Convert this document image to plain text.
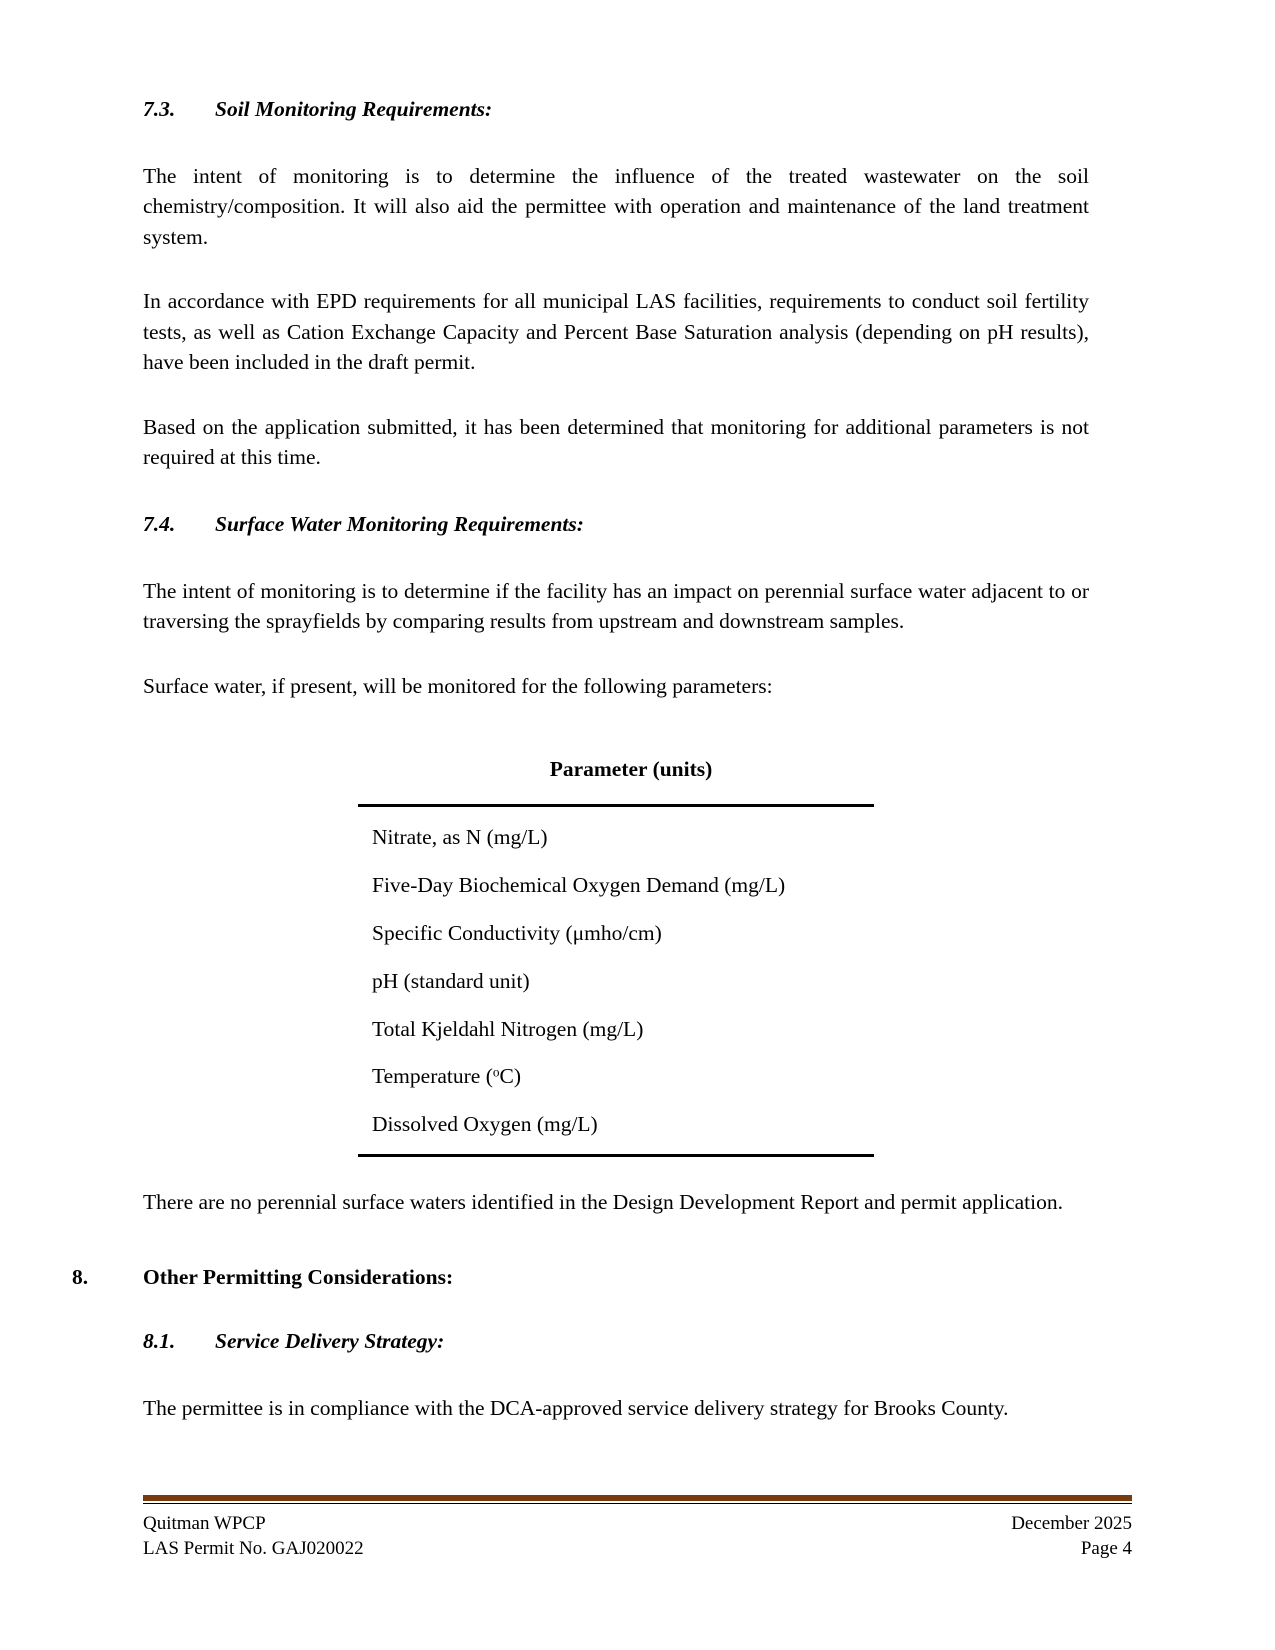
7.3.	Soil Monitoring Requirements:

The intent of monitoring is to determine the influence of the treated wastewater on the soil chemistry/composition. It will also aid the permittee with operation and maintenance of the land treatment system.

In accordance with EPD requirements for all municipal LAS facilities, requirements to conduct soil fertility tests, as well as Cation Exchange Capacity and Percent Base Saturation analysis (depending on pH results), have been included in the draft permit.

Based on the application submitted, it has been determined that monitoring for additional parameters is not required at this time.

7.4.	Surface Water Monitoring Requirements:

The intent of monitoring is to determine if the facility has an impact on perennial surface water adjacent to or traversing the sprayfields by comparing results from upstream and downstream samples.

Surface water, if present, will be monitored for the following parameters:

Parameter (units)

Nitrate, as N (mg/L)
Five-Day Biochemical Oxygen Demand (mg/L)
Specific Conductivity (μmho/cm)
pH (standard unit)
Total Kjeldahl Nitrogen (mg/L)
Temperature ($^o$C)
Dissolved Oxygen (mg/L)

There are no perennial surface waters identified in the Design Development Report and permit application.

8.	Other Permitting Considerations:
8.1.	Service Delivery Strategy:

The permittee is in compliance with the DCA-approved service delivery strategy for Brooks County.

Quitman WPCP
LAS Permit No. GAJ020022
December 2025
Page 4
